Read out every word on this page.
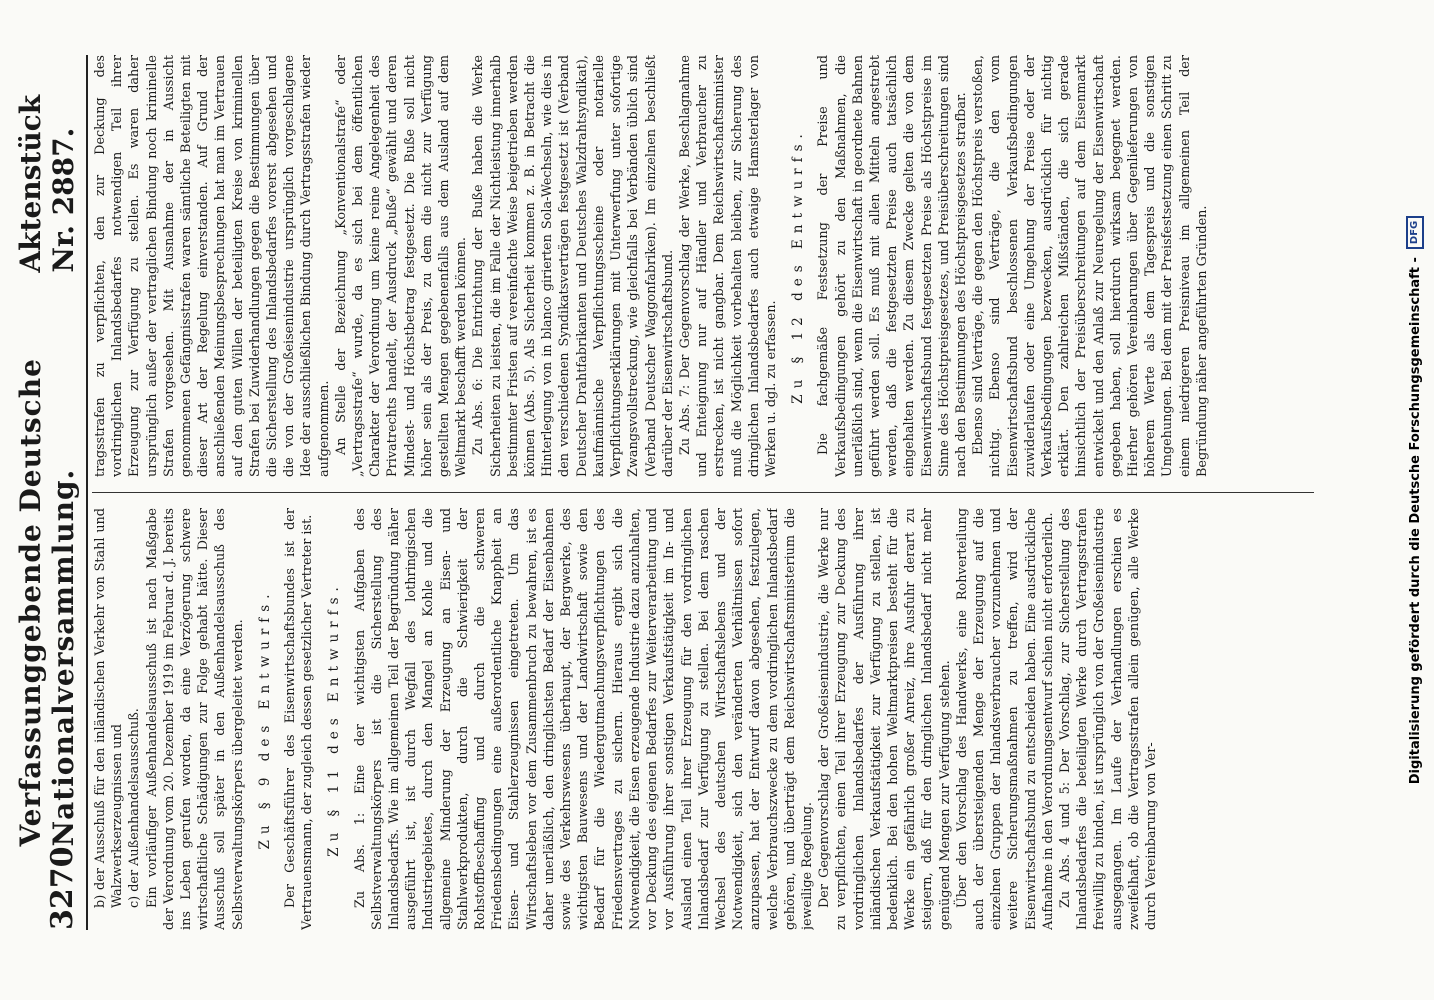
3270
Verfassunggebende Deutsche Nationalversammlung.
Aktenstück Nr. 2887.

b) der Ausschuß für den inländischen Verkehr von Stahl und Walzwerkserzeugnissen und c) der Außenhandelsausschuß. Ein vorläufiger Außenhandelsausschuß ist nach Maßgabe der Verordnung vom 20. Dezember 1919 im Februar d. J. bereits ins Leben gerufen worden, da eine Verzögerung schwere wirtschaftliche Schädigungen zur Folge gehabt hätte. Dieser Ausschuß soll später in den Außenhandelsausschuß des Selbstverwaltungskörpers übergeleitet werden. Zu § 9 des Entwurfs. Der Geschäftsführer des Eisenwirtschaftsbundes ist der Vertrauensmann, der zugleich dessen gesetzlicher Vertreter ist. Zu § 11 des Entwurfs. Zu Abs. 1: Eine der wichtigsten Aufgaben des Selbstverwaltungskörpers ist die Sicherstellung des Inlandsbedarfs. Wie im allgemeinen Teil der Begründung näher ausgeführt ist, ist durch Wegfall des lothringischen Industriegebietes, durch den Mangel an Kohle und die allgemeine Minderung der Erzeugung an Eisen- und Stahlwerkprodukten, durch die Schwierigkeit der Rohstoffbeschaffung und durch die schweren Friedensbedingungen eine außerordentliche Knappheit an Eisen- und Stahlerzeugnissen eingetreten. Um das Wirtschaftsleben vor dem Zusammenbruch zu bewahren, ist es daher unerläßlich, den dringlichsten Bedarf der Eisenbahnen sowie des Verkehrswesens überhaupt, der Bergwerke, des wichtigsten Bauwesens und der Landwirtschaft sowie den Bedarf für die Wiedergutmachungsverpflichtungen des Friedensvertrages zu sichern. Hieraus ergibt sich die Notwendigkeit, die Eisen erzeugende Industrie dazu anzuhalten, vor Deckung des eigenen Bedarfes zur Weiterverarbeitung und vor Ausführung ihrer sonstigen Verkaufstätigkeit im In- und Ausland einen Teil ihrer Erzeugung für den vordringlichen Inlandsbedarf zur Verfügung zu stellen. Bei dem raschen Wechsel des deutschen Wirtschaftslebens und der Notwendigkeit, sich den veränderten Verhältnissen sofort anzupassen, hat der Entwurf davon abgesehen, festzulegen, welche Verbrauchszwecke zu dem vordringlichen Inlandsbedarf gehören, und überträgt dem Reichswirtschaftsministerium die jeweilige Regelung. Der Gegenvorschlag der Großeisenindustrie, die Werke nur zu verpflichten, einen Teil ihrer Erzeugung zur Deckung des vordringlichen Inlandsbedarfes der Ausführung ihrer inländischen Verkaufstätigkeit zur Verfügung zu stellen, ist bedenklich. Bei den hohen Weltmarktpreisen besteht für die Werke ein gefährlich großer Anreiz, ihre Ausfuhr derart zu steigern, daß für den dringlichen Inlandsbedarf nicht mehr genügend Mengen zur Verfügung stehen. Über den Vorschlag des Handwerks, eine Rohverteilung auch der übersteigenden Menge der Erzeugung auf die einzelnen Gruppen der Inlandsverbraucher vorzunehmen und weitere Sicherungsmaßnahmen zu treffen, wird der Eisenwirtschaftsbund zu entscheiden haben. Eine ausdrückliche Aufnahme in den Verordnungsentwurf schien nicht erforderlich. Zu Abs. 4 und 5: Der Vorschlag, zur Sicherstellung des Inlandsbedarfes die beteiligten Werke durch Vertragsstrafen freiwillig zu binden, ist ursprünglich von der Großeisenindustrie ausgegangen. Im Laufe der Verhandlungen erschien es zweifelhaft, ob die Vertragsstrafen allein genügen, alle Werke durch Vereinbarung von Ver-

tragsstrafen zu verpflichten, den zur Deckung des vordringlichen Inlandsbedarfes notwendigen Teil ihrer Erzeugung zur Verfügung zu stellen. Es waren daher ursprünglich außer der vertraglichen Bindung noch kriminelle Strafen vorgesehen. Mit Ausnahme der in Aussicht genommenen Gefängnisstrafen waren sämtliche Beteiligten mit dieser Art der Regelung einverstanden. Auf Grund der anschließenden Meinungsbesprechungen hat man im Vertrauen auf den guten Willen der beteiligten Kreise von kriminellen Strafen bei Zuwiderhandlungen gegen die Bestimmungen über die Sicherstellung des Inlandsbedarfes vorerst abgesehen und die von der Großeisenindustrie ursprünglich vorgeschlagene Idee der ausschließlichen Bindung durch Vertragsstrafen wieder aufgenommen. An Stelle der Bezeichnung „Konventionalstrafe“ oder „Vertragsstrafe“ wurde, da es sich bei dem öffentlichen Charakter der Verordnung um keine reine Angelegenheit des Privatrechts handelt, der Ausdruck „Buße“ gewählt und deren Mindest- und Höchstbetrag festgesetzt. Die Buße soll nicht höher sein als der Preis, zu dem die nicht zur Verfügung gestellten Mengen gegebenenfalls aus dem Ausland auf dem Weltmarkt beschafft werden können. Zu Abs. 6: Die Entrichtung der Buße haben die Werke Sicherheiten zu leisten, die im Falle der Nichtleistung innerhalb bestimmter Fristen auf vereinfachte Weise beigetrieben werden können (Abs. 5). Als Sicherheit kommen z. B. in Betracht die Hinterlegung von in blanco girierten Sola-Wechseln, wie dies in den verschiedenen Syndikatsverträgen festgesetzt ist (Verband Deutscher Drahtfabrikanten und Deutsches Walzdrahtsyndikat), kaufmännische Verpflichtungsscheine oder notarielle Verpflichtungserklärungen mit Unterwerfung unter sofortige Zwangsvollstreckung, wie gleichfalls bei Verbänden üblich sind (Verband Deutscher Waggonfabriken). Im einzelnen beschließt darüber der Eisenwirtschaftsbund. Zu Abs. 7: Der Gegenvorschlag der Werke, Beschlagnahme und Enteignung nur auf Händler und Verbraucher zu erstrecken, ist nicht gangbar. Dem Reichswirtschaftsminister muß die Möglichkeit vorbehalten bleiben, zur Sicherung des dringlichen Inlandsbedarfes auch etwaige Hamsterlager von Werken u. dgl. zu erfassen. Zu § 12 des Entwurfs. Die fachgemäße Festsetzung der Preise und Verkaufsbedingungen gehört zu den Maßnahmen, die unerläßlich sind, wenn die Eisenwirtschaft in geordnete Bahnen geführt werden soll. Es muß mit allen Mitteln angestrebt werden, daß die festgesetzten Preise auch tatsächlich eingehalten werden. Zu diesem Zwecke gelten die von dem Eisenwirtschaftsbund festgesetzten Preise als Höchstpreise im Sinne des Höchstpreisgesetzes, und Preisüberschreitungen sind nach den Bestimmungen des Höchstpreisgesetzes strafbar. Ebenso sind Verträge, die gegen den Höchstpreis verstoßen, nichtig. Ebenso sind Verträge, die den vom Eisenwirtschaftsbund beschlossenen Verkaufsbedingungen zuwiderlaufen oder eine Umgehung der Preise oder der Verkaufsbedingungen bezwecken, ausdrücklich für nichtig erklärt. Den zahlreichen Mißständen, die sich gerade hinsichtlich der Preisüberschreitungen auf dem Eisenmarkt entwickelt und den Anlaß zur Neuregelung der Eisenwirtschaft gegeben haben, soll hierdurch wirksam begegnet werden. Hierher gehören Vereinbarungen über Gegenlieferungen von höherem Werte als dem Tagespreis und die sonstigen Umgehungen. Bei dem mit der Preisfestsetzung einen Schritt zu einem niedrigeren Preisniveau im allgemeinen Teil der Begründung näher angeführten Gründen.	Digitalisierung gefördert durch die Deutsche Forschungsgemeinschaft -
DFG
